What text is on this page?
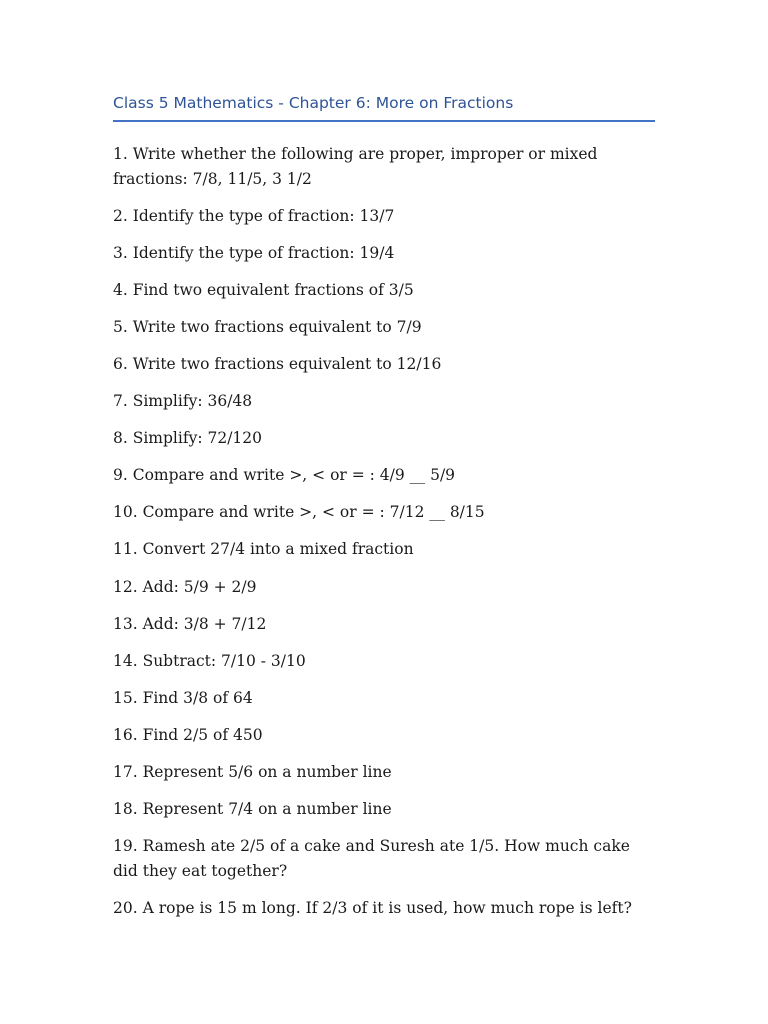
Class 5 Mathematics - Chapter 6: More on Fractions
1. Write whether the following are proper, improper or mixed fractions: 7/8, 11/5, 3 1/2
2. Identify the type of fraction: 13/7
3. Identify the type of fraction: 19/4
4. Find two equivalent fractions of 3/5
5. Write two fractions equivalent to 7/9
6. Write two fractions equivalent to 12/16
7. Simplify: 36/48
8. Simplify: 72/120
9. Compare and write >, < or = : 4/9 __ 5/9
10. Compare and write >, < or = : 7/12 __ 8/15
11. Convert 27/4 into a mixed fraction
12. Add: 5/9 + 2/9
13. Add: 3/8 + 7/12
14. Subtract: 7/10 - 3/10
15. Find 3/8 of 64
16. Find 2/5 of 450
17. Represent 5/6 on a number line
18. Represent 7/4 on a number line
19. Ramesh ate 2/5 of a cake and Suresh ate 1/5. How much cake did they eat together?
20. A rope is 15 m long. If 2/3 of it is used, how much rope is left?
